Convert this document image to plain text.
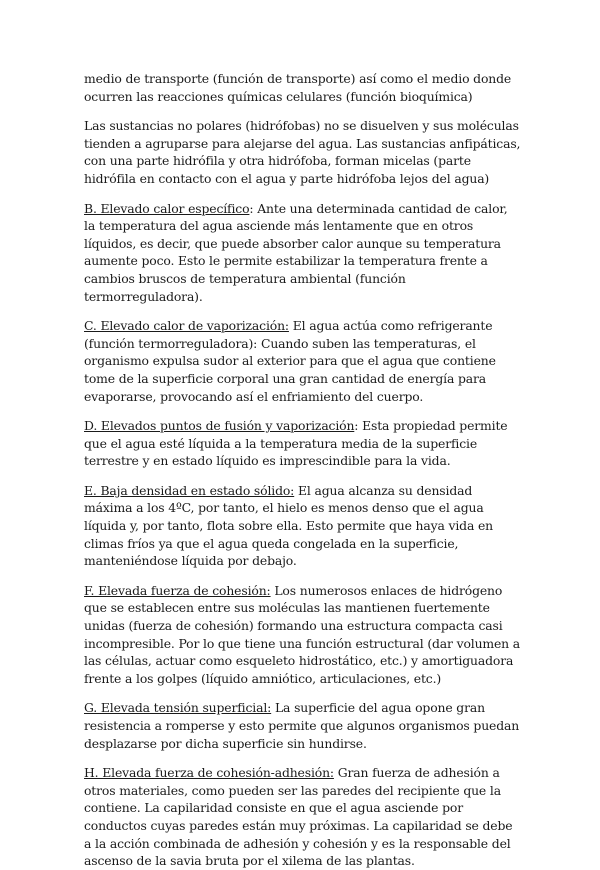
medio de transporte (función de transporte) así como el medio donde ocurren las reacciones químicas celulares (función bioquímica)

Las sustancias no polares (hidrófobas) no se disuelven y sus moléculas tienden a agruparse para alejarse del agua. Las sustancias anfipáticas, con una parte hidrófila y otra hidrófoba, forman micelas (parte hidrófila en contacto con el agua y parte hidrófoba lejos del agua)

B. Elevado calor específico: Ante una determinada cantidad de calor, la temperatura del agua asciende más lentamente que en otros líquidos, es decir, que puede absorber calor aunque su temperatura aumente poco. Esto le permite estabilizar la temperatura frente a cambios bruscos de temperatura ambiental (función termorreguladora).

C. Elevado calor de vaporización: El agua actúa como refrigerante (función termorreguladora): Cuando suben las temperaturas, el organismo expulsa sudor al exterior para que el agua que contiene tome de la superficie corporal una gran cantidad de energía para evaporarse, provocando así el enfriamiento del cuerpo.

D. Elevados puntos de fusión y vaporización: Esta propiedad permite que el agua esté líquida a la temperatura media de la superficie terrestre y en estado líquido es imprescindible para la vida.

E. Baja densidad en estado sólido: El agua alcanza su densidad máxima a los 4ºC, por tanto, el hielo es menos denso que el agua líquida y, por tanto, flota sobre ella. Esto permite que haya vida en climas fríos ya que el agua queda congelada en la superficie, manteniéndose líquida por debajo.

F. Elevada fuerza de cohesión: Los numerosos enlaces de hidrógeno que se establecen entre sus moléculas las mantienen fuertemente unidas (fuerza de cohesión) formando una estructura compacta casi incompresible. Por lo que tiene una función estructural (dar volumen a las células, actuar como esqueleto hidrostático, etc.) y amortiguadora frente a los golpes (líquido amniótico, articulaciones, etc.)

G. Elevada tensión superficial: La superficie del agua opone gran resistencia a romperse y esto permite que algunos organismos puedan desplazarse por dicha superficie sin hundirse.

H. Elevada fuerza de cohesión-adhesión: Gran fuerza de adhesión a otros materiales, como pueden ser las paredes del recipiente que la contiene. La capilaridad consiste en que el agua asciende por conductos cuyas paredes están muy próximas. La capilaridad se debe a la acción combinada de adhesión y cohesión y es la responsable del ascenso de la savia bruta por el xilema de las plantas.
